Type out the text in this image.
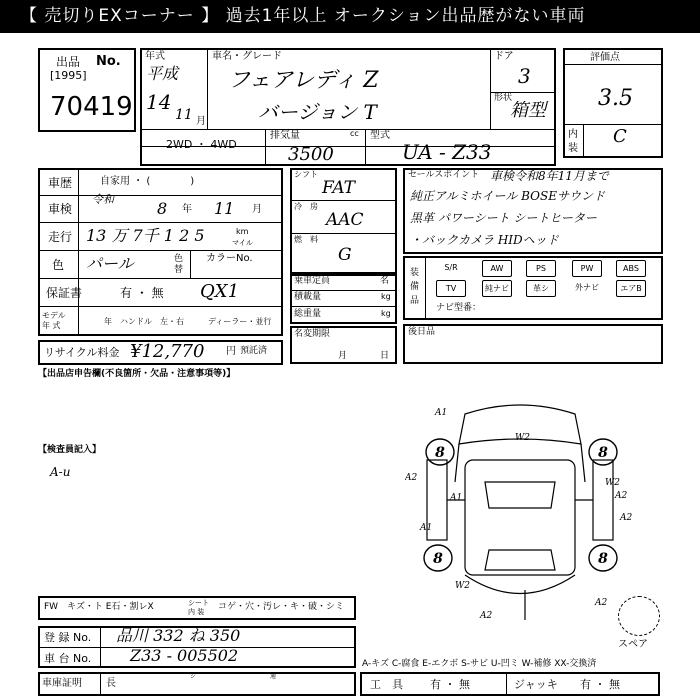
【 売切りEXコーナー 】 過去1年以上 オークション出品歴がない車両
出品 No.
[1995]
70419
年式
平成
14
11 月
車名・グレード
フェアレディ Z
バージョン T
ドア
3
形状
箱型
2WD ・ 4WD
排気量	cc
3500
型式
UA - Z33
評価点
3.5
内
装
C
車歴	自家用 ・ (　　　　)
車検
令和	8 年 11 月
走行 13 万 7千 1 2 5	km
マイル
色 パール	色
替
カラーNo.
QX1
保証書	有 ・ 無
モデル
年 式	年 ハンドル　左・右	ディーラー・並行
リサイクル料金 ¥12,770 円 預託済
シフト
FAT
冷　房
AAC
燃　料
G
乗車定員	名
積載量	kg
総重量	kg
名変期限
月	日
セールスポイント 車検令和8年11月まで
純正アルミホイール BOSEサウンド
黒革 パワーシート シートヒーター
・バックカメラ HIDヘッド
装
備
品
S/R	AW	PS	PW	ABS
TV	純ナビ	革シ	外ナビ	エアB
ナビ型番：
後日品
【出品店申告欄(不良箇所・欠品・注意事項等)】
【検査員記入】
A-u
8	8
8	8
W2
A1
A2
A2
W2
A1
A1
A2
A2
W2
A2
スペア
FW　キズ・ト E石・割レX	シート
内 装	コゲ・穴・汚レ・キ・破・シミ
登 録 No. 品川 332 ね 350
車 台 No. Z33 - 005502
車庫証明 長
ジ	通
A-キズ C-腐食 E-エクボ S-サビ U-凹ミ W-補修 XX-交換済
工　具 有 ・ 無	ジャッキ 有 ・ 無
